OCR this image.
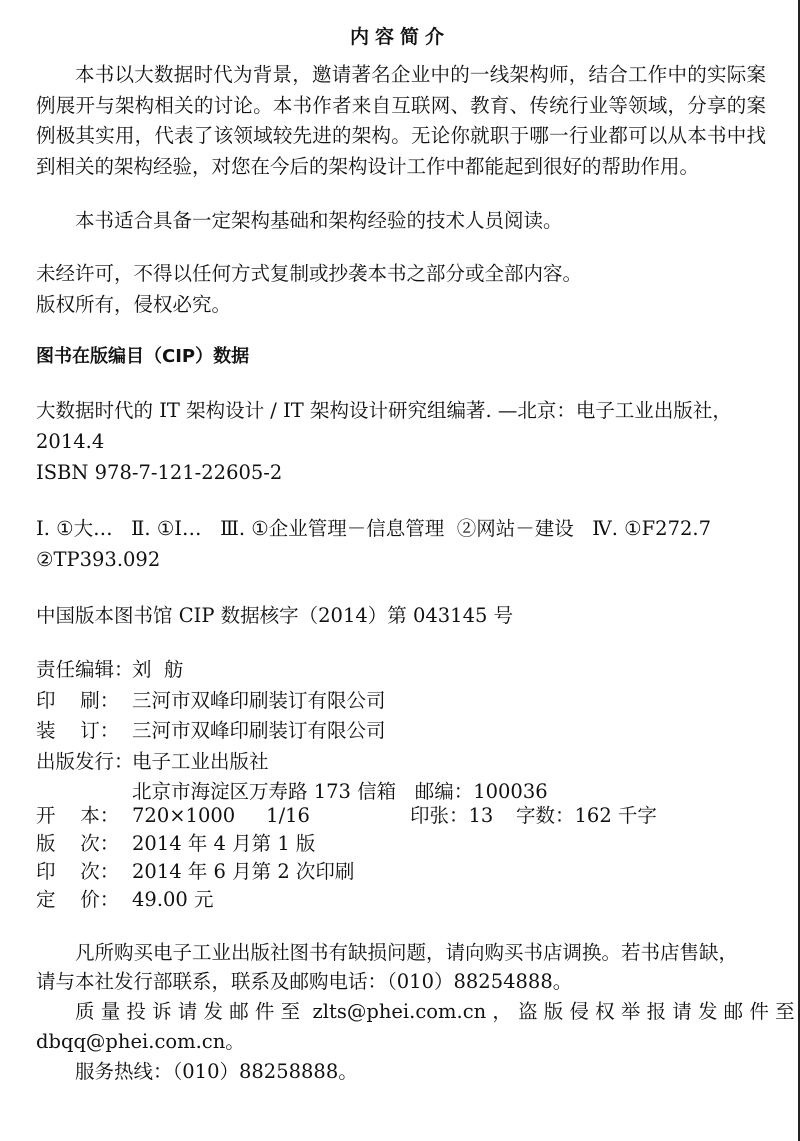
内容简介
本书以大数据时代为背景，邀请著名企业中的一线架构师，结合工作中的实际案例展开与架构相关的讨论。本书作者来自互联网、教育、传统行业等领域，分享的案例极其实用，代表了该领域较先进的架构。无论你就职于哪一行业都可以从本书中找到相关的架构经验，对您在今后的架构设计工作中都能起到很好的帮助作用。
本书适合具备一定架构基础和架构经验的技术人员阅读。
未经许可，不得以任何方式复制或抄袭本书之部分或全部内容。
版权所有，侵权必究。
图书在版编目（CIP）数据
大数据时代的 IT 架构设计 / IT 架构设计研究组编著. —北京：电子工业出版社，
2014.4
ISBN 978-7-121-22605-2
Ⅰ. ①大…   Ⅱ. ①I…   Ⅲ. ①企业管理－信息管理  ②网站－建设   Ⅳ. ①F272.7
②TP393.092
中国版本图书馆 CIP 数据核字（2014）第 043145 号
责任编辑：刘  舫
印    刷： 三河市双峰印刷装订有限公司
装    订： 三河市双峰印刷装订有限公司
出版发行：电子工业出版社
北京市海淀区万寿路 173 信箱   邮编：100036
开    本： 720×1000     1/16	印张：13 字数：162 千字
版    次： 2014 年 4 月第 1 版
印    次： 2014 年 6 月第 2 次印刷
定    价： 49.00 元
凡所购买电子工业出版社图书有缺损问题，请向购买书店调换。若书店售缺，
请与本社发行部联系，联系及邮购电话：（010）88254888。
质 量 投 诉 请 发 邮 件 至  zlts@phei.com.cn ， 盗 版 侵 权 举 报 请 发 邮 件 至
dbqq@phei.com.cn。
服务热线：（010）88258888。
